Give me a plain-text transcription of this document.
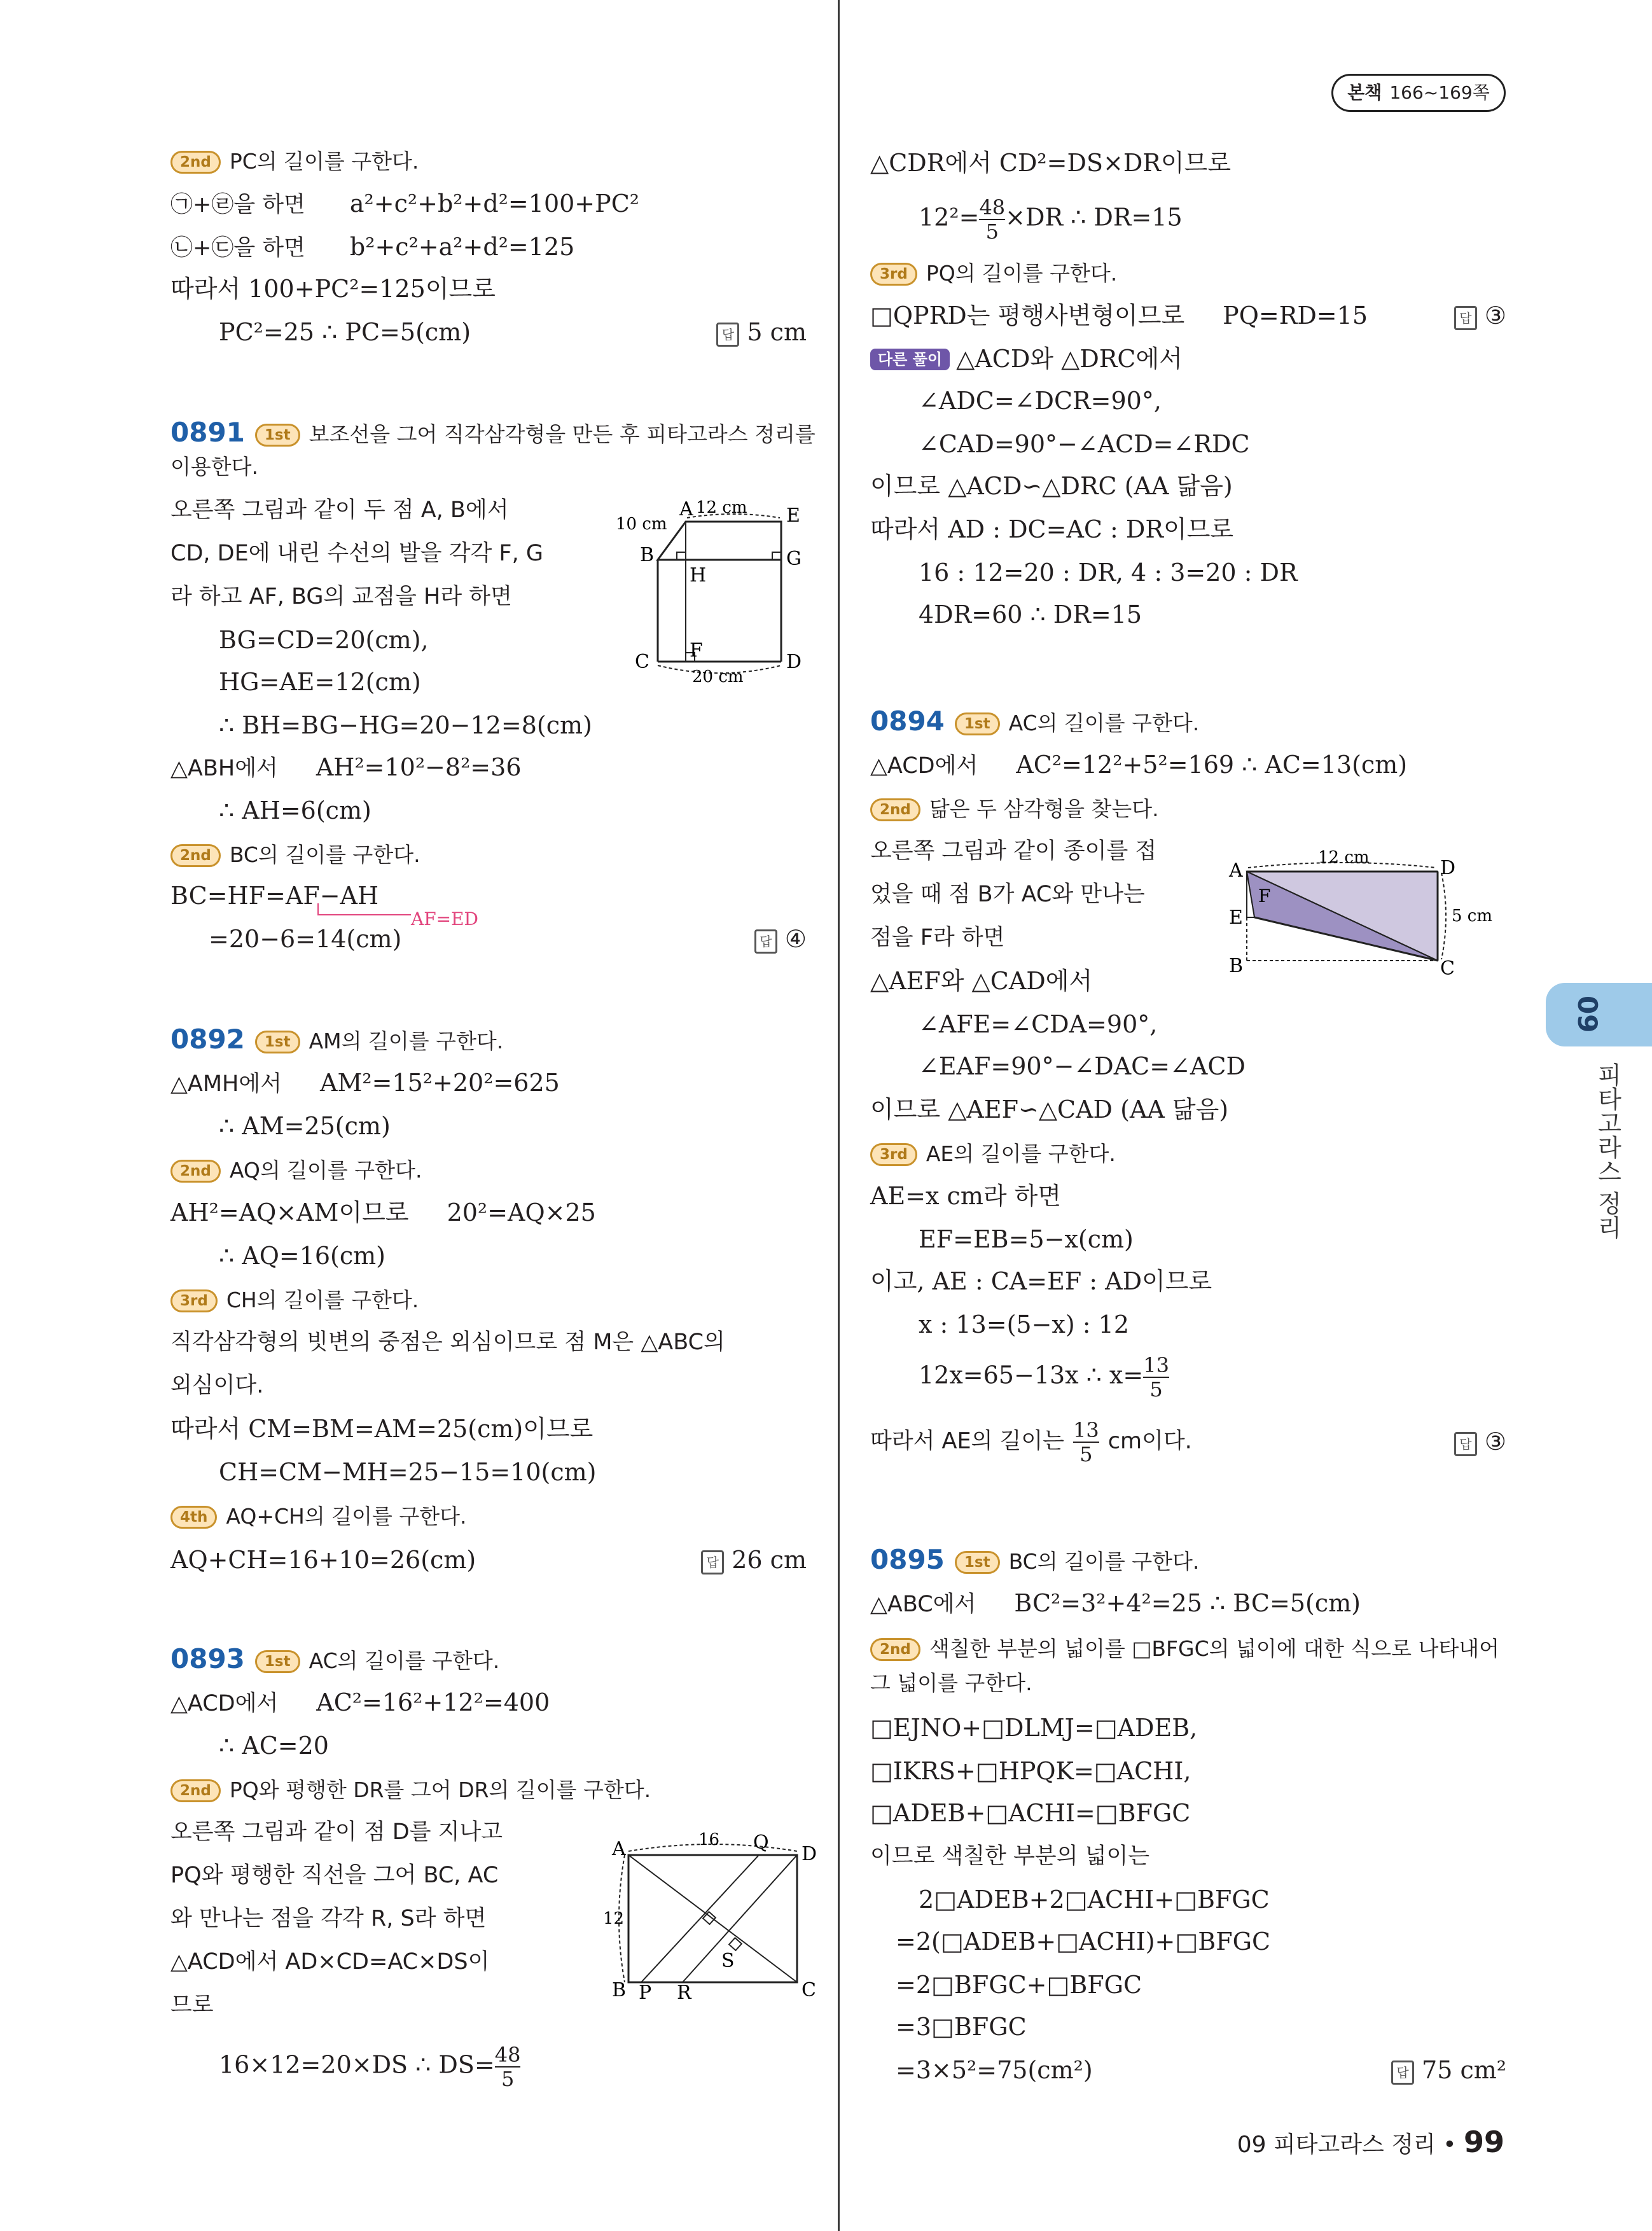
본책 166~169쪽
09
피타고라스 정리
2nd PC의 길이를 구한다.
㉠+㉣을 하면 a²+c²+b²+d²=100+PC²
㉡+㉢을 하면 b²+c²+a²+d²=125
따라서 100+PC²=125이므로
PC²=25 ∴ PC=5(cm)	답 5 cm
0891 1st 보조선을 그어 직각삼각형을 만든 후 피타고라스 정리를
이용한다.
오른쪽 그림과 같이 두 점 A, B에서
CD, DE에 내린 수선의 발을 각각 F, G
라 하고 AF, BG의 교점을 H라 하면
BG=CD=20(cm),
HG=AE=12(cm)
∴ BH=BG−HG=20−12=8(cm)
△ABH에서 AH²=10²−8²=36
∴ AH=6(cm)
2nd BC의 길이를 구한다.
BC=HF=AF−AH
AF=ED
=20−6=14(cm)	답 ④
A
B
C	D
E
F
G
H
10 cm
12 cm
20 cm
0892 1st AM의 길이를 구한다.
△AMH에서 AM²=15²+20²=625
∴ AM=25(cm)
2nd AQ의 길이를 구한다.
AH²=AQ×AM이므로 20²=AQ×25
∴ AQ=16(cm)
3rd CH의 길이를 구한다.
직각삼각형의 빗변의 중점은 외심이므로 점 M은 △ABC의
외심이다.
따라서 CM=BM=AM=25(cm)이므로
CH=CM−MH=25−15=10(cm)
4th AQ+CH의 길이를 구한다.
AQ+CH=16+10=26(cm)	답 26 cm
0893 1st AC의 길이를 구한다.
△ACD에서 AC²=16²+12²=400
∴ AC=20
2nd PQ와 평행한 DR를 그어 DR의 길이를 구한다.
오른쪽 그림과 같이 점 D를 지나고
PQ와 평행한 직선을 그어 BC, AC
와 만나는 점을 각각 R, S라 하면
△ACD에서 AD×CD=AC×DS이
므로
16×12=20×DS ∴ $DS= \frac{48}{5}$
A
B	C
D
P
Q
R
S
16
12
△CDR에서 CD²=DS×DR이므로
$12^2= \frac{48}{5} \times DR$ ∴ DR=15
3rd PQ의 길이를 구한다.
□QPRD는 평행사변형이므로 PQ=RD=15	답 ③
다른 풀이 △ACD와 △DRC에서
∠ADC=∠DCR=90°,
∠CAD=90°−∠ACD=∠RDC
이므로 △ACD∽△DRC (AA 닮음)
따라서 AD : DC=AC : DR이므로
16 : 12=20 : DR, 4 : 3=20 : DR
4DR=60 ∴ DR=15
0894 1st AC의 길이를 구한다.
△ACD에서 AC²=12²+5²=169 ∴ AC=13(cm)
2nd 닮은 두 삼각형을 찾는다.
오른쪽 그림과 같이 종이를 접
었을 때 점 B가 AC와 만나는
점을 F라 하면
△AEF와 △CAD에서
∠AFE=∠CDA=90°,
∠EAF=90°−∠DAC=∠ACD
이므로 △AEF∽△CAD (AA 닮음)
3rd AE의 길이를 구한다.
AE=x cm라 하면
EF=EB=5−x(cm)
이고, AE : CA=EF : AD이므로
x : 13=(5−x) : 12
12x=65−13x ∴ $x= \frac{13}{5}$
따라서 AE의 길이는 $\frac{13}{5}$ cm이다.	답 ③
A
B	C
D
E
F
12 cm
5 cm
0895 1st BC의 길이를 구한다.
△ABC에서 BC²=3²+4²=25 ∴ BC=5(cm)
2nd 색칠한 부분의 넓이를 □BFGC의 넓이에 대한 식으로 나타내어
그 넓이를 구한다.
□EJNO+□DLMJ=□ADEB,
□IKRS+□HPQK=□ACHI,
□ADEB+□ACHI=□BFGC
이므로 색칠한 부분의 넓이는
2□ADEB+2□ACHI+□BFGC
=2(□ADEB+□ACHI)+□BFGC
=2□BFGC+□BFGC
=3□BFGC
=3×5²=75(cm²)	답 75 cm²
09 피타고라스 정리 • 99
